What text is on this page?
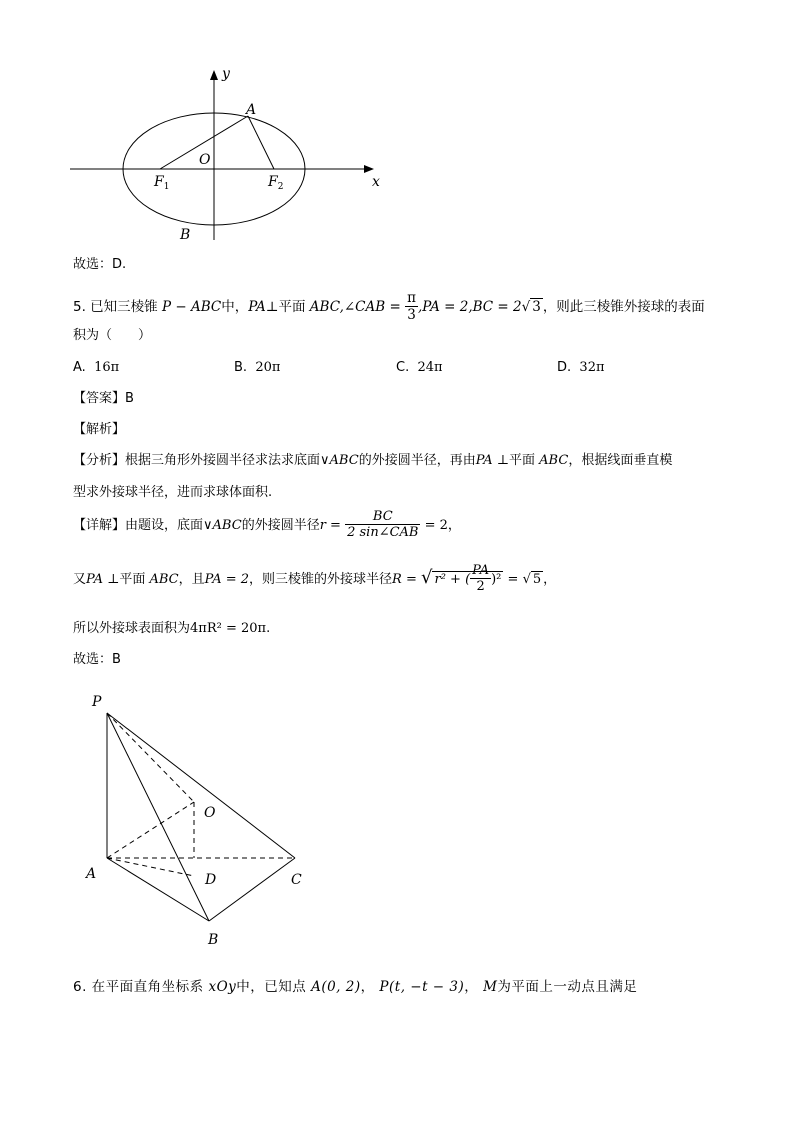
y
x
A
O
$F_1$	$F_2$
B
故选：D.
5. 已知三棱锥 P − ABC中，PA⊥平面 ABC,∠CAB = $\frac{\pi}{3} ,PA = 2,BC = 2√$ 3 ，则此三棱锥外接球的表面
积为（　　）
A. 16π	B. 20π	C. 24π	D. 32π
【答案】B
【解析】
【分析】根据三角形外接圆半径求法求底面∨ABC的外接圆半径，再由PA ⊥平面 ABC，根据线面垂直模
型求外接球半径，进而求球体面积.
【详解】由题设，底面∨ABC的外接圆半径$r = \frac{BC}{\text{2 sin∠CAB}} = 2$，
又PA ⊥平面 ABC，且PA = 2，则三棱锥的外接球半径R = √ r² + ( $\frac{PA}{2} )^2$ = √ 5 ，
所以外接球表面积为4πR² = 20π.
故选：B
P
O
A	D	C
B
6. 在平面直角坐标系 xOy中，已知点 A(0, 2)， P(t, −t − 3)， M为平面上一动点且满足
